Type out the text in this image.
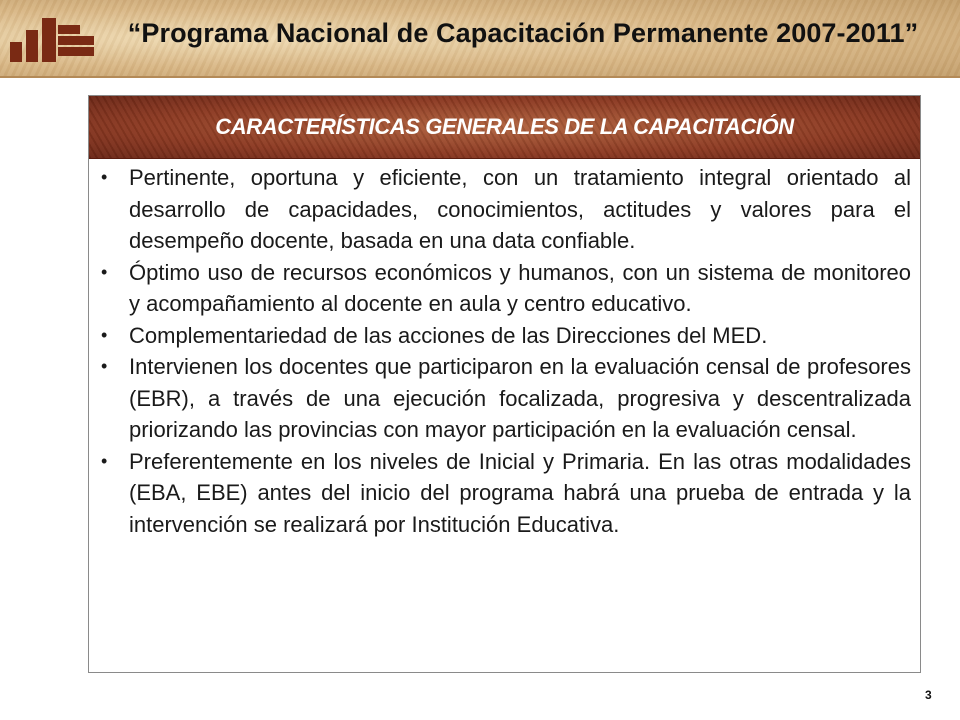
“Programa Nacional de Capacitación Permanente 2007-2011”
CARACTERÍSTICAS GENERALES DE LA CAPACITACIÓN
• Pertinente, oportuna y eficiente, con un tratamiento integral orientado al desarrollo de capacidades, conocimientos, actitudes y valores para el desempeño docente, basada en una data confiable.
• Óptimo uso de recursos económicos y humanos, con un sistema de monitoreo y acompañamiento al docente en aula y centro educativo.
• Complementariedad de las acciones de las Direcciones del MED.
• Intervienen los docentes que participaron en la evaluación censal de profesores (EBR), a través de una ejecución focalizada, progresiva y descentralizada priorizando las provincias con mayor participación en la evaluación censal.
• Preferentemente en los niveles de Inicial y Primaria. En las otras modalidades (EBA, EBE) antes del inicio del programa habrá una prueba de entrada y la intervención se realizará por Institución Educativa.
3
